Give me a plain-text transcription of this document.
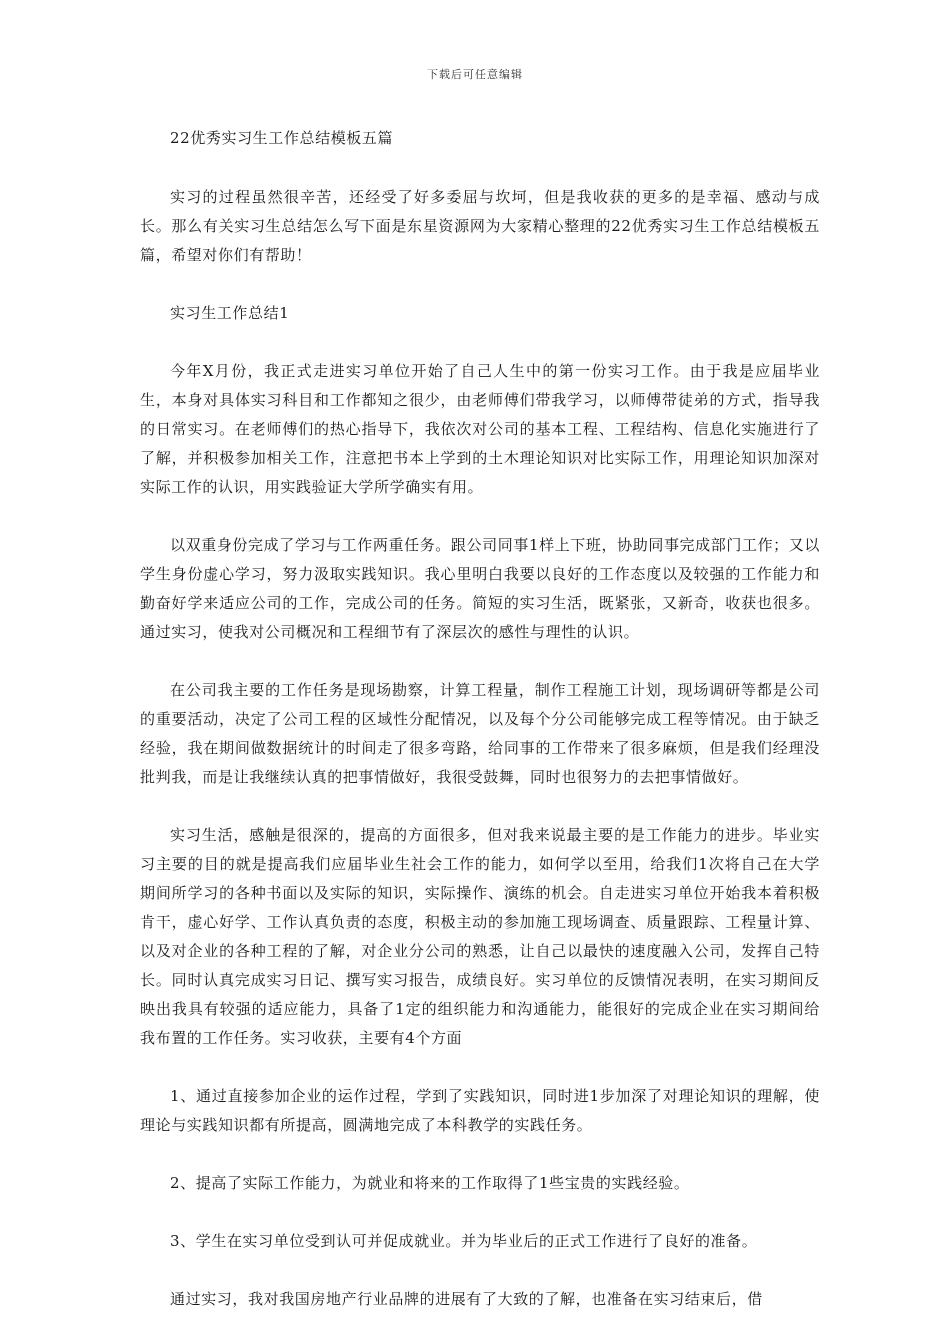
下载后可任意编辑

22优秀实习生工作总结模板五篇

实习的过程虽然很辛苦，还经受了好多委屈与坎坷，但是我收获的更多的是幸福、感动与成长。那么有关实习生总结怎么写下面是东星资源网为大家精心整理的22优秀实习生工作总结模板五篇，希望对你们有帮助！

实习生工作总结1

今年X月份，我正式走进实习单位开始了自己人生中的第一份实习工作。由于我是应届毕业生，本身对具体实习科目和工作都知之很少，由老师傅们带我学习，以师傅带徒弟的方式，指导我的日常实习。在老师傅们的热心指导下，我依次对公司的基本工程、工程结构、信息化实施进行了了解，并积极参加相关工作，注意把书本上学到的土木理论知识对比实际工作，用理论知识加深对实际工作的认识，用实践验证大学所学确实有用。

以双重身份完成了学习与工作两重任务。跟公司同事1样上下班，协助同事完成部门工作；又以学生身份虚心学习，努力汲取实践知识。我心里明白我要以良好的工作态度以及较强的工作能力和勤奋好学来适应公司的工作，完成公司的任务。简短的实习生活，既紧张，又新奇，收获也很多。通过实习，使我对公司概况和工程细节有了深层次的感性与理性的认识。

在公司我主要的工作任务是现场勘察，计算工程量，制作工程施工计划，现场调研等都是公司的重要活动，决定了公司工程的区域性分配情况，以及每个分公司能够完成工程等情况。由于缺乏经验，我在期间做数据统计的时间走了很多弯路，给同事的工作带来了很多麻烦，但是我们经理没批判我，而是让我继续认真的把事情做好，我很受鼓舞，同时也很努力的去把事情做好。

实习生活，感触是很深的，提高的方面很多，但对我来说最主要的是工作能力的进步。毕业实习主要的目的就是提高我们应届毕业生社会工作的能力，如何学以至用，给我们1次将自己在大学期间所学习的各种书面以及实际的知识，实际操作、演练的机会。自走进实习单位开始我本着积极肯干，虚心好学、工作认真负责的态度，积极主动的参加施工现场调查、质量跟踪、工程量计算、以及对企业的各种工程的了解，对企业分公司的熟悉，让自己以最快的速度融入公司，发挥自己特长。同时认真完成实习日记、撰写实习报告，成绩良好。实习单位的反馈情况表明，在实习期间反映出我具有较强的适应能力，具备了1定的组织能力和沟通能力，能很好的完成企业在实习期间给我布置的工作任务。实习收获，主要有4个方面

1、通过直接参加企业的运作过程，学到了实践知识，同时进1步加深了对理论知识的理解，使理论与实践知识都有所提高，圆满地完成了本科教学的实践任务。

2、提高了实际工作能力，为就业和将来的工作取得了1些宝贵的实践经验。

3、学生在实习单位受到认可并促成就业。并为毕业后的正式工作进行了良好的准备。

通过实习，我对我国房地产行业品牌的进展有了大致的了解，也准备在实习结束后，借
